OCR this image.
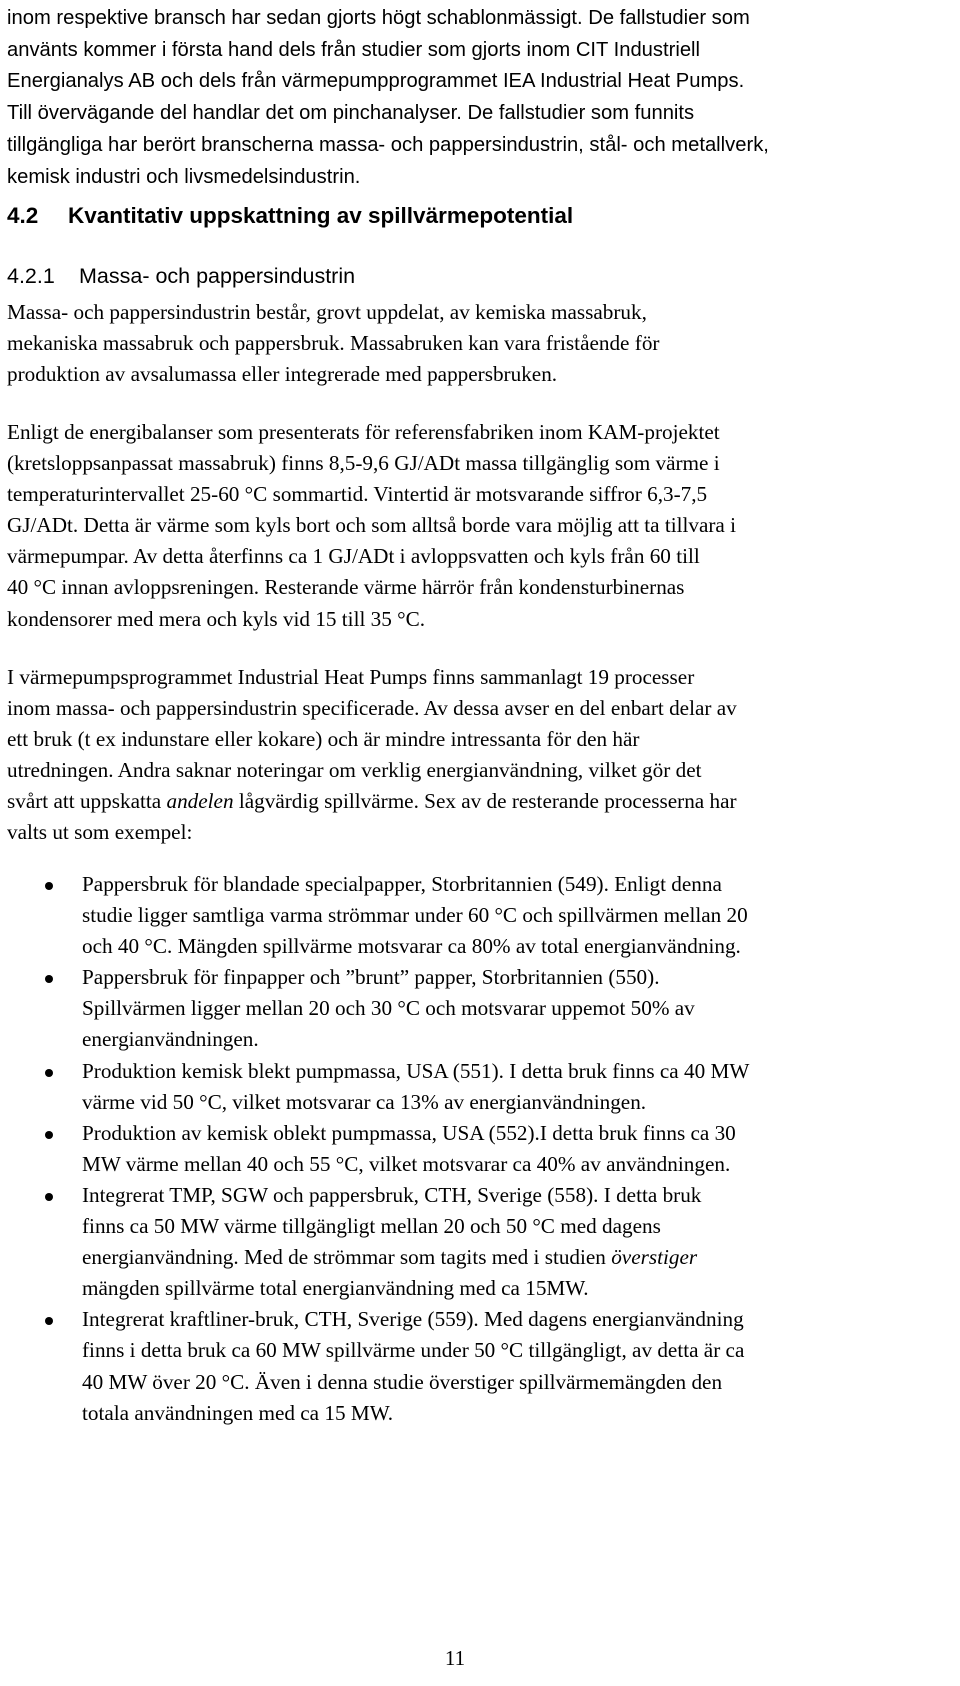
inom respektive bransch har sedan gjorts högt schablonmässigt. De fallstudier som
använts kommer i första hand dels från studier som gjorts inom CIT Industriell
Energianalys AB och dels från värmepumpprogrammet IEA Industrial Heat Pumps.
Till övervägande del handlar det om pinchanalyser. De fallstudier som funnits
tillgängliga har berört branscherna massa- och pappersindustrin, stål- och metallverk,
kemisk industri och livsmedelsindustrin.
4.2 Kvantitativ uppskattning av spillvärmepotential
4.2.1 Massa- och pappersindustrin
Massa- och pappersindustrin består, grovt uppdelat, av kemiska massabruk,
mekaniska massabruk och pappersbruk. Massabruken kan vara fristående för
produktion av avsalumassa eller integrerade med pappersbruken.
Enligt de energibalanser som presenterats för referensfabriken inom KAM-projektet
(kretsloppsanpassat massabruk) finns 8,5-9,6 GJ/ADt massa tillgänglig som värme i
temperaturintervallet 25-60 °C sommartid. Vintertid är motsvarande siffror 6,3-7,5
GJ/ADt. Detta är värme som kyls bort och som alltså borde vara möjlig att ta tillvara i
värmepumpar. Av detta återfinns ca 1 GJ/ADt i avloppsvatten och kyls från 60 till
40 °C innan avloppsreningen. Resterande värme härrör från kondensturbinernas
kondensorer med mera och kyls vid 15 till 35 °C.
I värmepumpsprogrammet Industrial Heat Pumps finns sammanlagt 19 processer
inom massa- och pappersindustrin specificerade. Av dessa avser en del enbart delar av
ett bruk (t ex indunstare eller kokare) och är mindre intressanta för den här
utredningen. Andra saknar noteringar om verklig energianvändning, vilket gör det
svårt att uppskatta andelen lågvärdig spillvärme. Sex av de resterande processerna har
valts ut som exempel:
Pappersbruk för blandade specialpapper, Storbritannien (549). Enligt denna
studie ligger samtliga varma strömmar under 60 °C och spillvärmen mellan 20
och 40 °C. Mängden spillvärme motsvarar ca 80% av total energianvändning.
Pappersbruk för finpapper och ”brunt” papper, Storbritannien (550).
Spillvärmen ligger mellan 20 och 30 °C och motsvarar uppemot 50% av
energianvändningen.
Produktion kemisk blekt pumpmassa, USA (551). I detta bruk finns ca 40 MW
värme vid 50 °C, vilket motsvarar ca 13% av energianvändningen.
Produktion av kemisk oblekt pumpmassa, USA (552).I detta bruk finns ca 30
MW värme mellan 40 och 55 °C, vilket motsvarar ca 40% av användningen.
Integrerat TMP, SGW och pappersbruk, CTH, Sverige (558). I detta bruk
finns ca 50 MW värme tillgängligt mellan 20 och 50 °C med dagens
energianvändning. Med de strömmar som tagits med i studien överstiger
mängden spillvärme total energianvändning med ca 15MW.
Integrerat kraftliner-bruk, CTH, Sverige (559). Med dagens energianvändning
finns i detta bruk ca 60 MW spillvärme under 50 °C tillgängligt, av detta är ca
40 MW över 20 °C. Även i denna studie överstiger spillvärmemängden den
totala användningen med ca 15 MW.
11
